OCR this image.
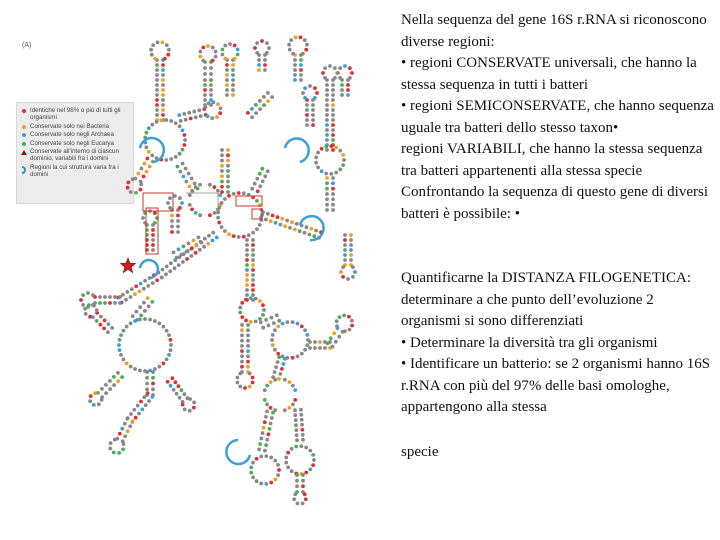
(A)
Identiche nel 98% o più di tutti gli organismi
Conservate solo nei Bacteria
Conservate solo negli Archaea
Conservate solo negli Eucarya
Conservate all'interno di ciascun dominio, variabili fra i domini
Regioni la cui struttura varia fra i domini

Nella sequenza del gene 16S r.RNA si riconoscono diverse regioni:

• regioni CONSERVATE universali, che hanno la stessa sequenza in tutti i batteri

• regioni SEMICONSERVATE, che hanno sequenza uguale tra batteri dello stesso taxon•

regioni VARIABILI, che hanno la stessa sequenza tra batteri appartenenti alla stessa specie

Confrontando la sequenza di questo gene di diversi batteri è possibile: •

Quantificarne la DISTANZA FILOGENETICA: determinare a che punto dell’evoluzione 2 organismi si sono differenziati

• Determinare la diversità tra gli organismi

• Identificare un batterio: se 2 organismi hanno 16S r.RNA con più del 97% delle basi omologhe, appartengono alla stessa

specie
